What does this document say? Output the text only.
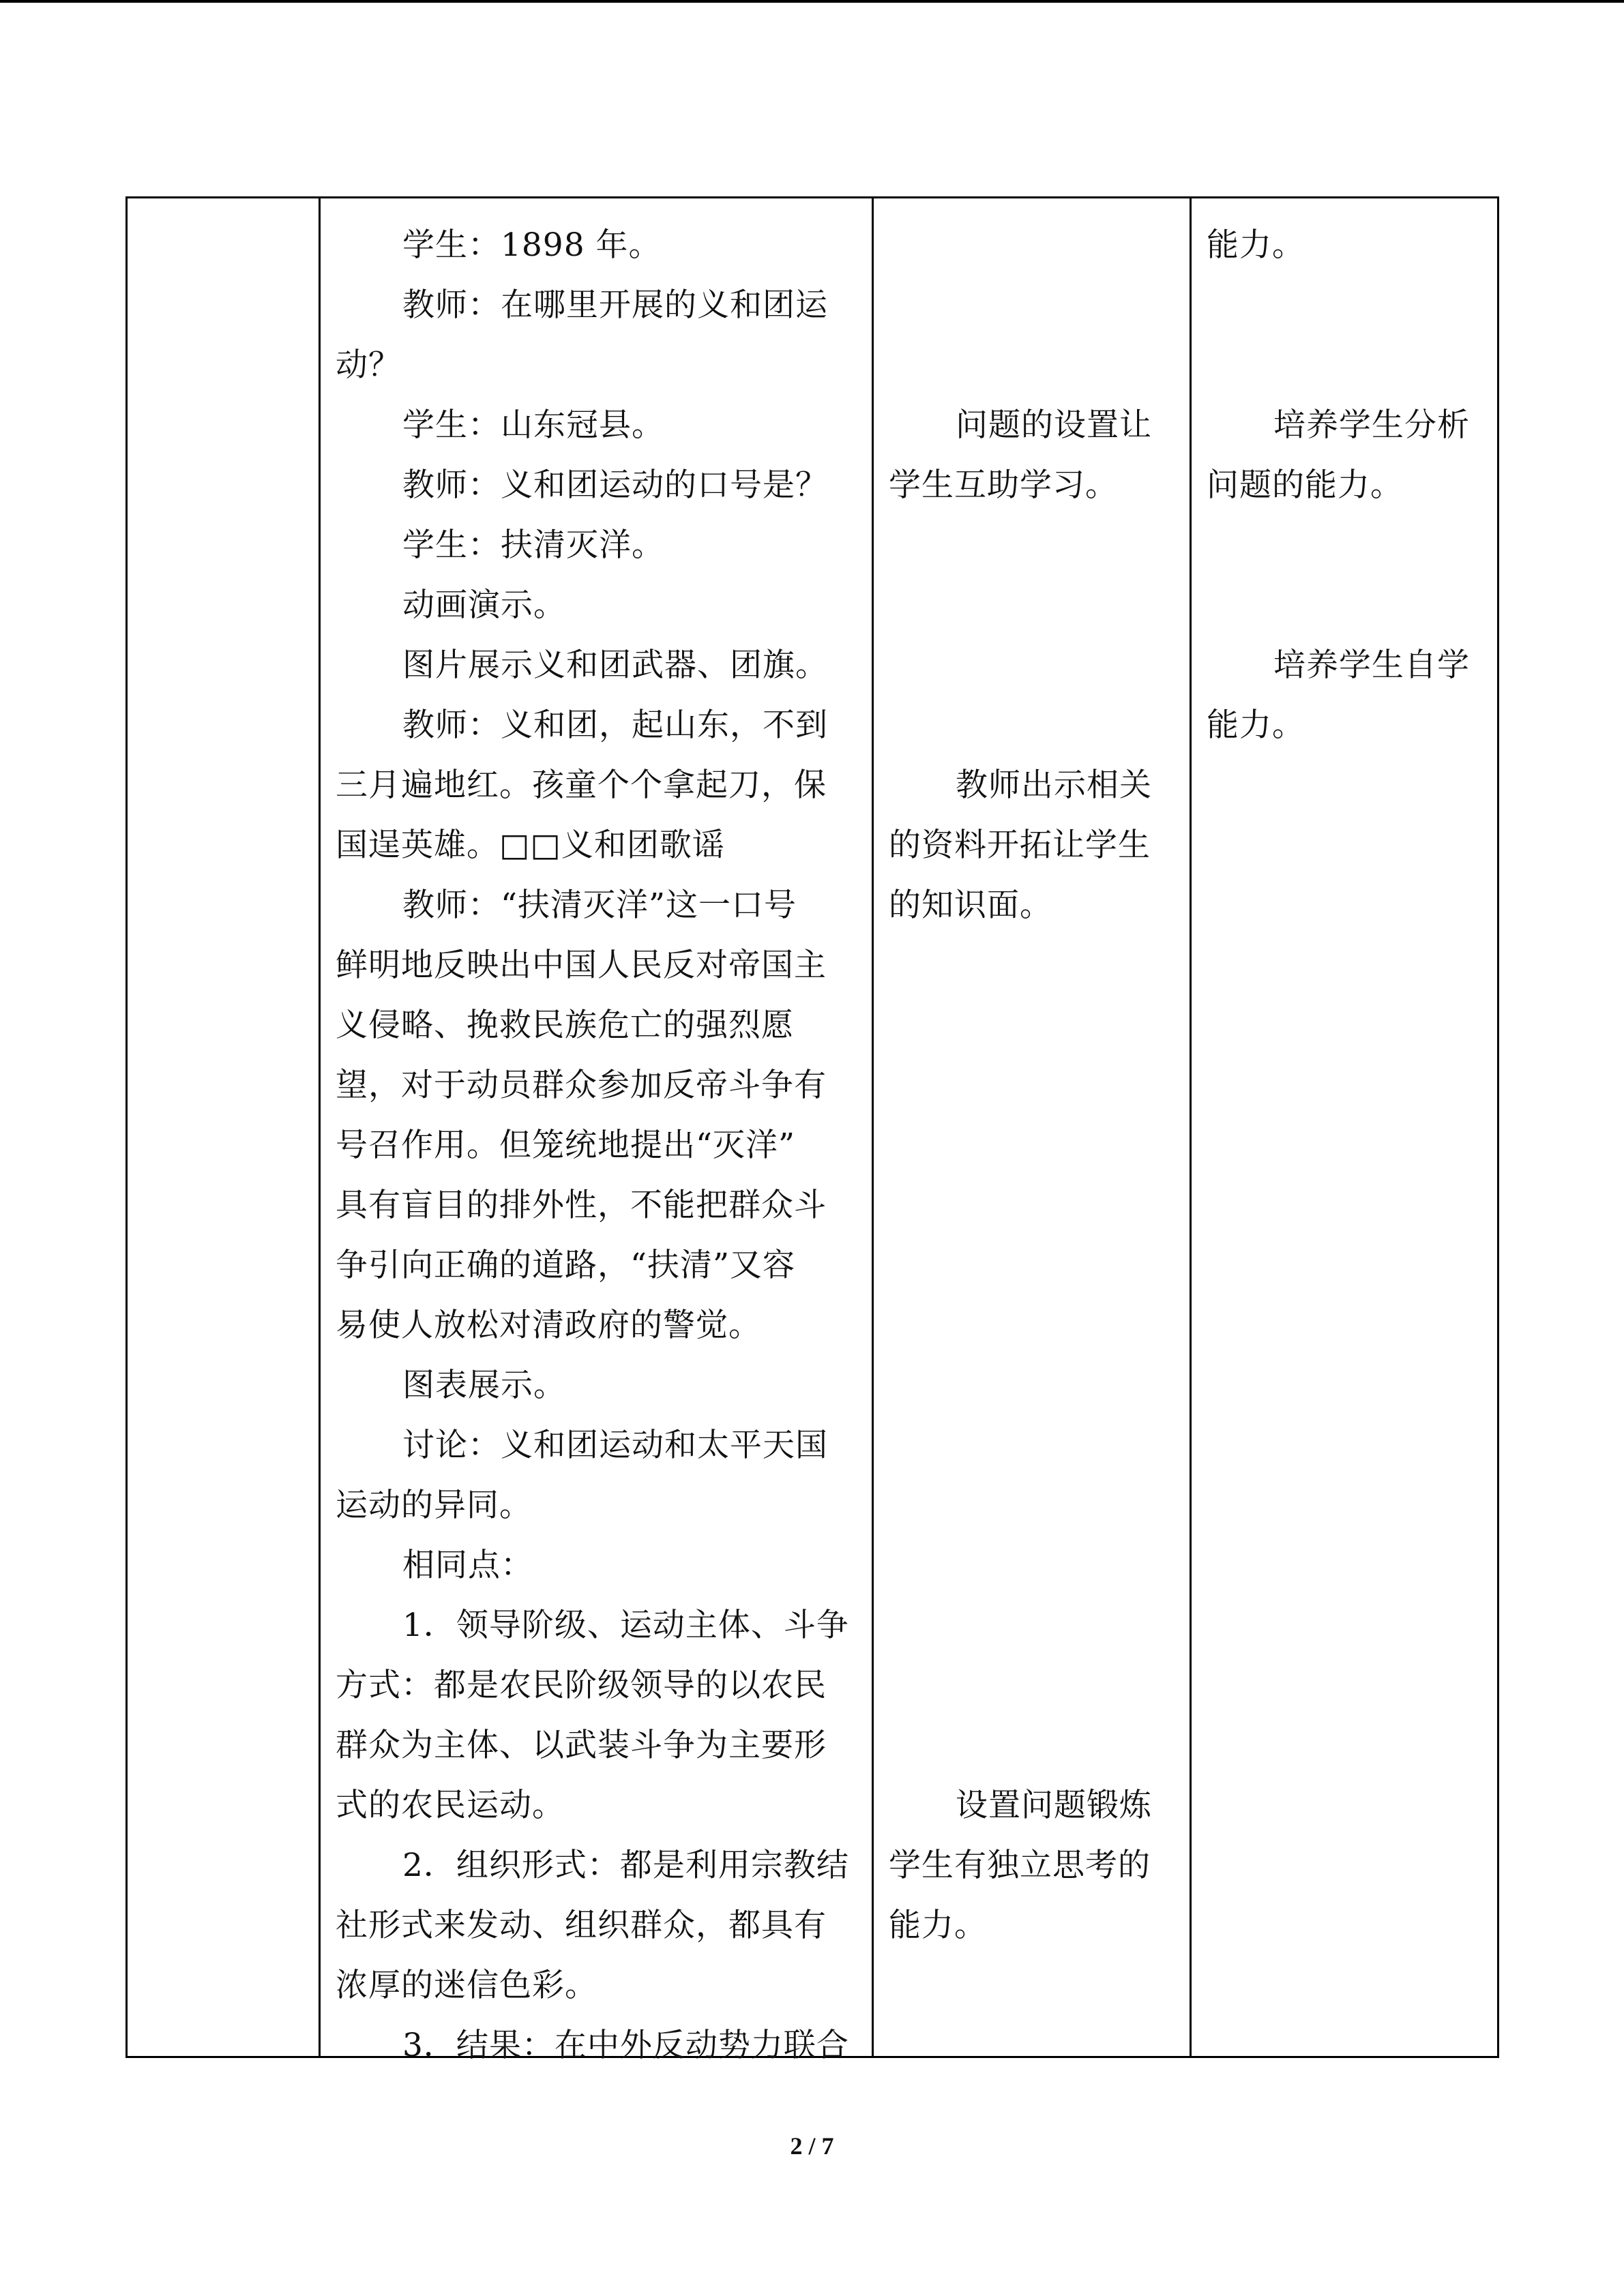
学生：1898 年。

教师：在哪里开展的义和团运

动？

学生：山东冠县。

教师：义和团运动的口号是？

学生：扶清灭洋。

动画演示。

图片展示义和团武器、团旗。

教师：义和团，起山东，不到

三月遍地红。孩童个个拿起刀，保

国逞英雄。□□义和团歌谣

教师：“扶清灭洋”这一口号

鲜明地反映出中国人民反对帝国主

义侵略、挽救民族危亡的强烈愿

望，对于动员群众参加反帝斗争有

号召作用。但笼统地提出“灭洋”

具有盲目的排外性，不能把群众斗

争引向正确的道路，“扶清”又容

易使人放松对清政府的警觉。

图表展示。

讨论：义和团运动和太平天国

运动的异同。

相同点：

1．领导阶级、运动主体、斗争

方式：都是农民阶级领导的以农民

群众为主体、以武装斗争为主要形

式的农民运动。

2．组织形式：都是利用宗教结

社形式来发动、组织群众，都具有

浓厚的迷信色彩。

3．结果：在中外反动势力联合

问题的设置让

学生互助学习。

教师出示相关

的资料开拓让学生

的知识面。

设置问题锻炼

学生有独立思考的

能力。

能力。

培养学生分析

问题的能力。

培养学生自学

能力。

2 / 7
